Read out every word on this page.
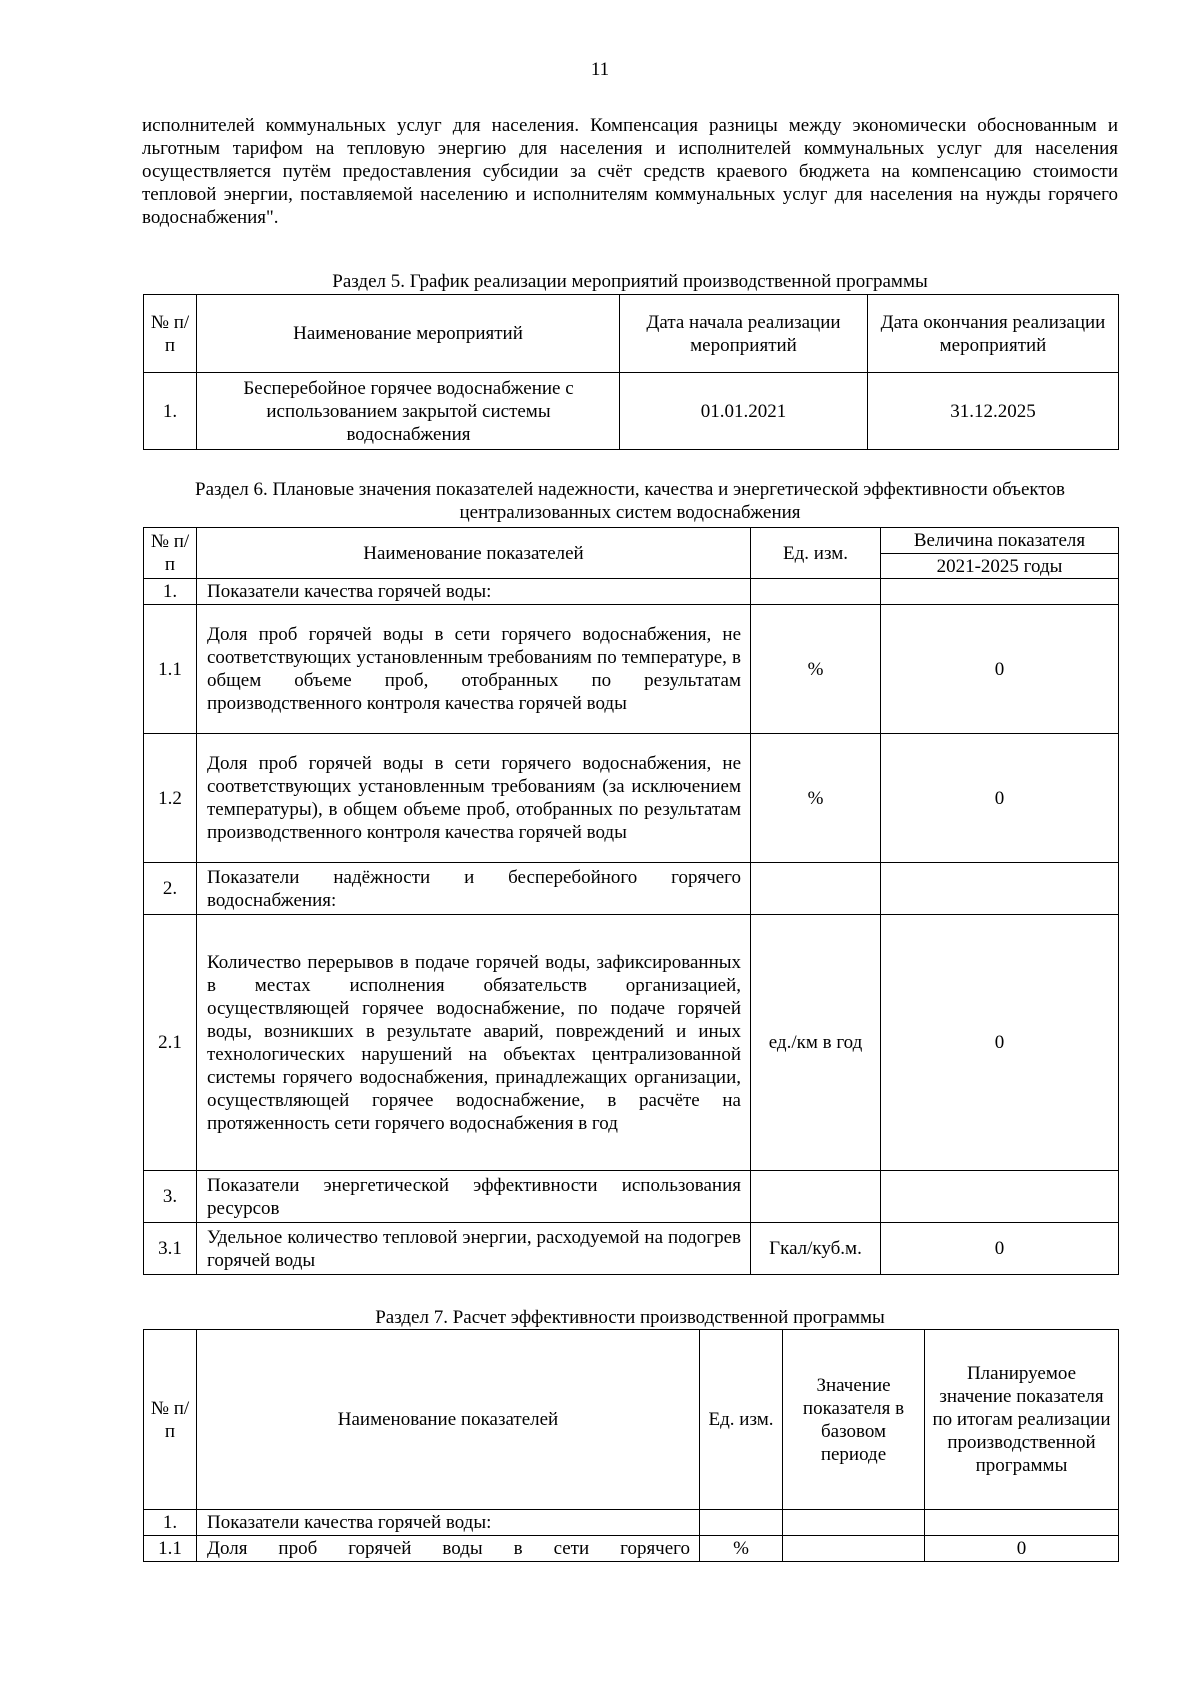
11

исполнителей коммунальных услуг для населения. Компенсация разницы между экономически обоснованным и льготным тарифом на тепловую энергию для населения и исполнителей коммунальных услуг для населения осуществляется путём предоставления субсидии за счёт средств краевого бюджета на компенсацию стоимости тепловой энергии, поставляемой населению и исполнителям коммунальных услуг для населения на нужды горячего водоснабжения".

Раздел 5. График реализации мероприятий производственной программы

№ п/п	Наименование мероприятий	Дата начала реализации мероприятий	Дата окончания реализации мероприятий
1.	Бесперебойное горячее водоснабжение с использованием закрытой системы водоснабжения	01.01.2021	31.12.2025

Раздел 6. Плановые значения показателей надежности, качества и энергетической эффективности объектов централизованных систем водоснабжения

№ п/п	Наименование показателей	Ед. изм.	Величина показателя
			2021-2025 годы
1.	Показатели качества горячей воды:		
1.1	Доля проб горячей воды в сети горячего водоснабжения, не соответствующих установленным требованиям по температуре, в общем объеме проб, отобранных по результатам производственного контроля качества горячей воды	%	0
1.2	Доля проб горячей воды в сети горячего водоснабжения, не соответствующих установленным требованиям (за исключением температуры), в общем объеме проб, отобранных по результатам производственного контроля качества горячей воды	%	0
2.	Показатели надёжности и бесперебойного горячего водоснабжения:		
2.1	Количество перерывов в подаче горячей воды, зафиксированных в местах исполнения обязательств организацией, осуществляющей горячее водоснабжение, по подаче горячей воды, возникших в результате аварий, повреждений и иных технологических нарушений на объектах централизованной системы горячего водоснабжения, принадлежащих организации, осуществляющей горячее водоснабжение, в расчёте на протяженность сети горячего водоснабжения в год	ед./км в год	0
3.	Показатели энергетической эффективности использования ресурсов		
3.1	Удельное количество тепловой энергии, расходуемой на подогрев горячей воды	Гкал/куб.м.	0

Раздел 7. Расчет эффективности производственной программы

№ п/п	Наименование показателей	Ед. изм.	Значение показателя в базовом периоде	Планируемое значение показателя по итогам реализации производственной программы
1.	Показатели качества горячей воды:			
1.1	Доля проб горячей воды в сети горячего	%		0
